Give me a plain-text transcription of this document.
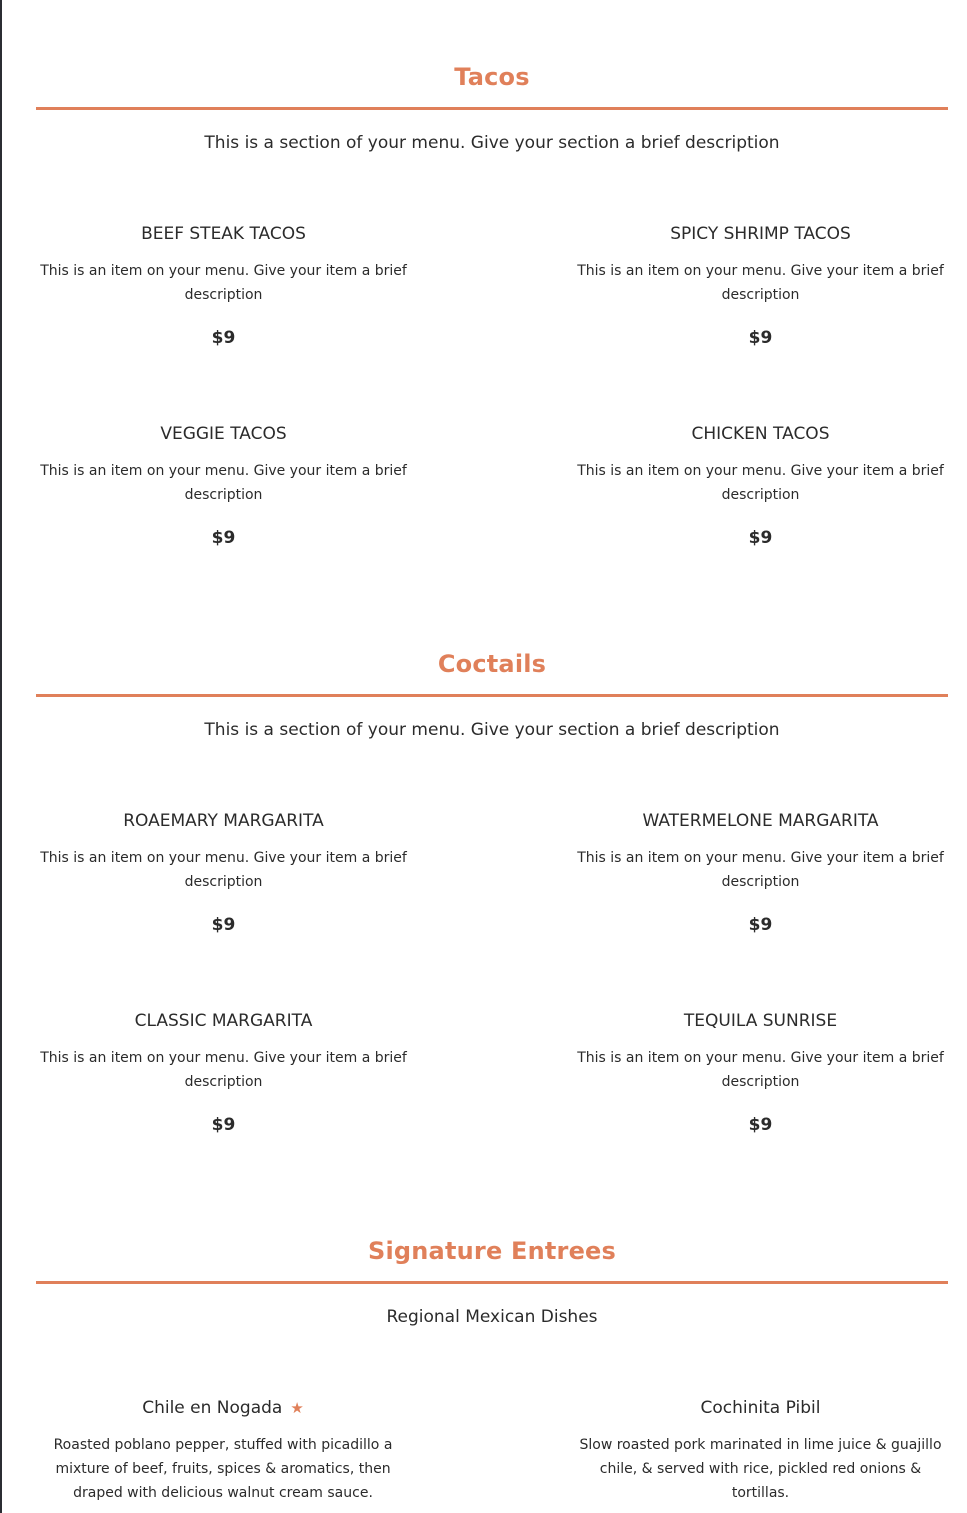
Tacos
This is a section of your menu. Give your section a brief description
BEEF STEAK TACOS
This is an item on your menu. Give your item a brief description
$9
SPICY SHRIMP TACOS
This is an item on your menu. Give your item a brief description
$9
VEGGIE TACOS
This is an item on your menu. Give your item a brief description
$9
CHICKEN TACOS
This is an item on your menu. Give your item a brief description
$9
Coctails
This is a section of your menu. Give your section a brief description
ROAEMARY MARGARITA
This is an item on your menu. Give your item a brief description
$9
WATERMELONE MARGARITA
This is an item on your menu. Give your item a brief description
$9
CLASSIC MARGARITA
This is an item on your menu. Give your item a brief description
$9
TEQUILA SUNRISE
This is an item on your menu. Give your item a brief description
$9
Signature Entrees
Regional Mexican Dishes
Chile en Nogada ★
Roasted poblano pepper, stuffed with picadillo a mixture of beef, fruits, spices & aromatics, then draped with delicious walnut cream sauce.
Cochinita Pibil
Slow roasted pork marinated in lime juice & guajillo chile, & served with rice, pickled red onions & tortillas.
